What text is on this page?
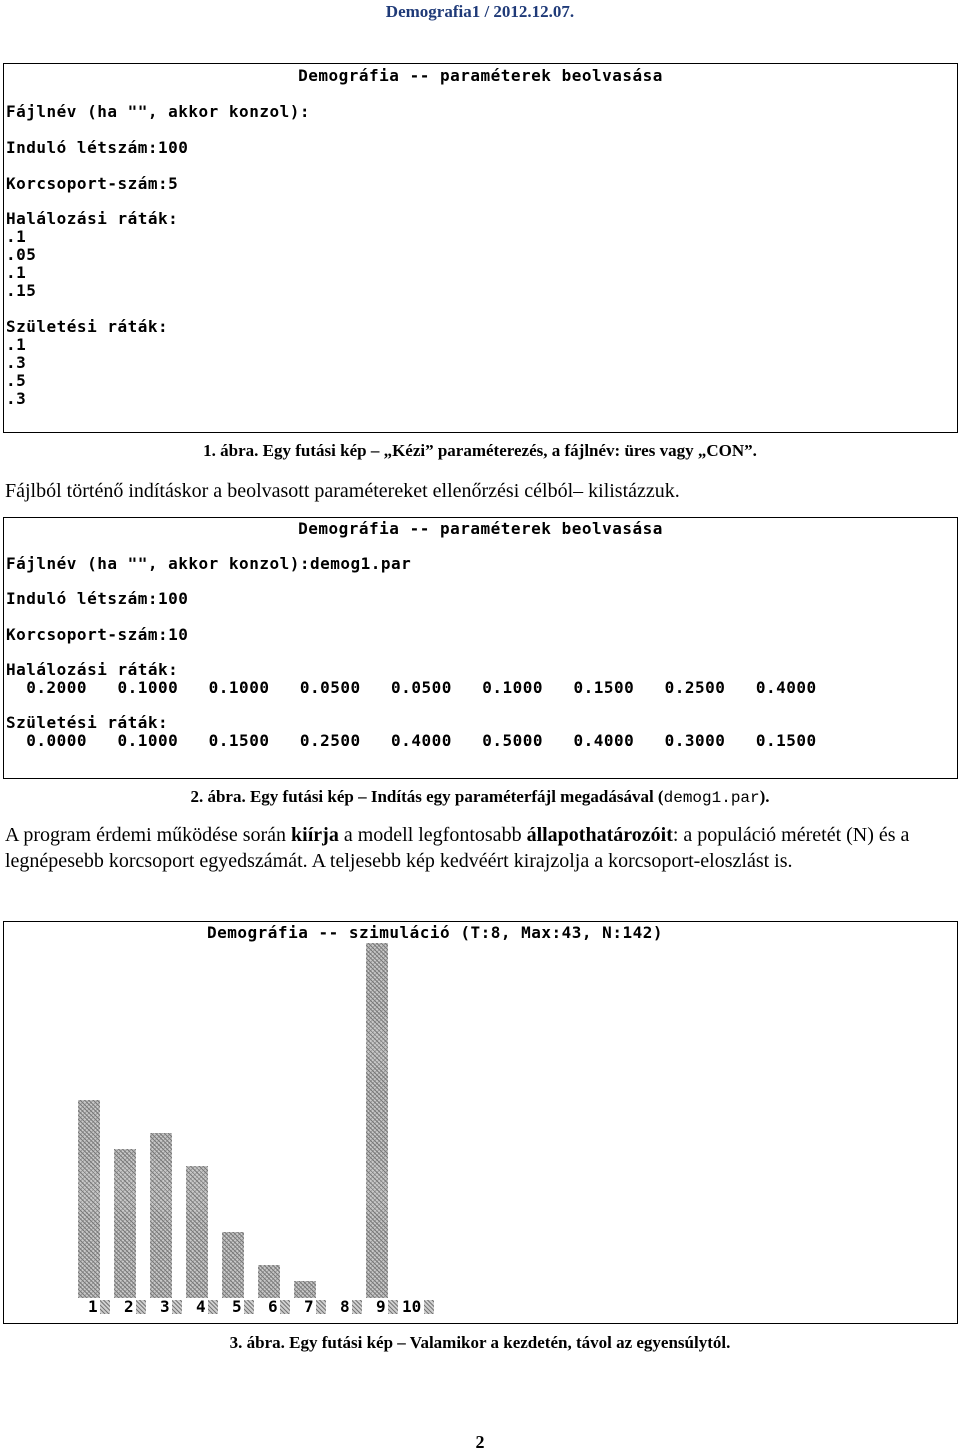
Demografia1 / 2012.12.07.
Demográfia -- paraméterek beolvasása
Fájlnév (ha "", akkor konzol):
Induló létszám:100
Korcsoport-szám:5
Halálozási ráták:
.1
.05
.1
.15
Születési ráták:
.1
.3
.5
.3
1. ábra. Egy futási kép – „Kézi” paraméterezés, a fájlnév: üres vagy „CON”.
Fájlból történő indításkor a beolvasott paramétereket ellenőrzési célból– kilistázzuk.
Demográfia -- paraméterek beolvasása
Fájlnév (ha "", akkor konzol):demog1.par
Induló létszám:100
Korcsoport-szám:10
Halálozási ráták:
0.2000   0.1000   0.1000   0.0500   0.0500   0.1000   0.1500   0.2500   0.4000
Születési ráták:
0.0000   0.1000   0.1500   0.2500   0.4000   0.5000   0.4000   0.3000   0.1500
2. ábra. Egy futási kép – Indítás egy paraméterfájl megadásával (demog1.par).
A program érdemi működése során kiírja a modell legfontosabb állapothatározóit: a populáció méretét (N) és a legnépesebb korcsoport egyedszámát. A teljesebb kép kedvéért kirajzolja a korcsoport-eloszlást is.
Demográfia -- szimuláció (T:8, Max:43, N:142)
1 2 3 4 5 6 7 8 9 10
3. ábra. Egy futási kép – Valamikor a kezdetén, távol az egyensúlytól.
2
